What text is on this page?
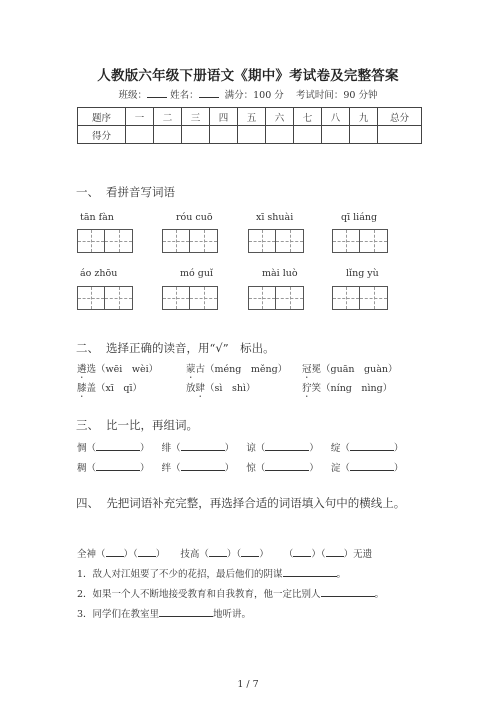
人教版六年级下册语文《期中》考试卷及完整答案
班级： 姓名：	满分：100 分 考试时间：90 分钟
题序	一	二	三	四	五	六	七	八	九	总分
得分										
一、 看拼音写词语
tān fàn	róu cuō	xī shuài	qī liáng
áo zhōu	mó guǐ	mài luò	lǐng yù
二、 选择正确的读音，用“√”　标出。
遴选（wēi　wèi）	蒙古（méng　měng） 冠冕（guān　guàn）
膝盖（xī　qī）	放肆（sì　shì）	狞笑（níng　nìng）
三、 比一比，再组词。
惆（	）    绯（	）    谅（	）    绽（	）
稠（	）    绊（	）    惊（	）    淀（	）
四、 先把词语补充完整，再选择合适的词语填入句中的横线上。
全神（ ）（ ） 技高（ ）（ ） （ ）（ ）无遗
1．敌人对江姐要了不少的花招，最后他们的阴谋	。
2．如果一个人不断地接受教育和自我教育，他一定比别人	。
3．同学们在教室里	地听讲。
1 / 7
